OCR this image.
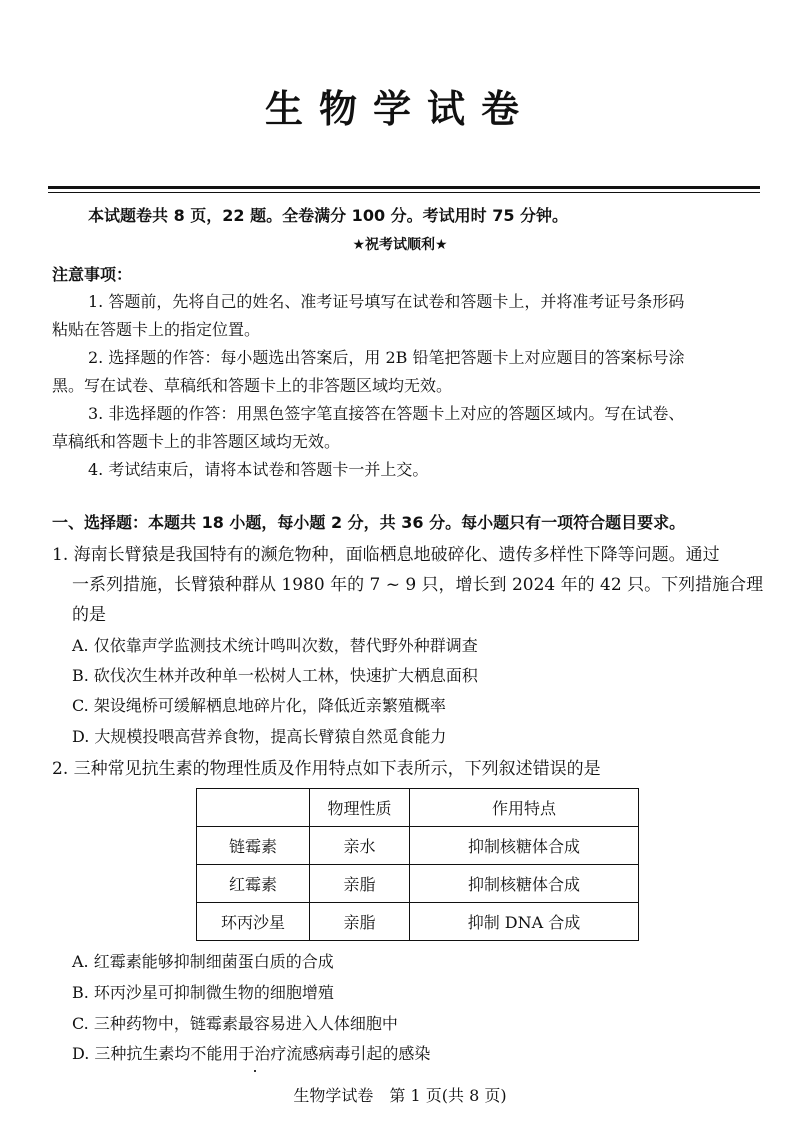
生物学试卷
本试题卷共 8 页，22 题。全卷满分 100 分。考试用时 75 分钟。
★祝考试顺利★
注意事项：
1. 答题前，先将自己的姓名、准考证号填写在试卷和答题卡上，并将准考证号条形码
粘贴在答题卡上的指定位置。
2. 选择题的作答：每小题选出答案后，用 2B 铅笔把答题卡上对应题目的答案标号涂
黑。写在试卷、草稿纸和答题卡上的非答题区域均无效。
3. 非选择题的作答：用黑色签字笔直接答在答题卡上对应的答题区域内。写在试卷、
草稿纸和答题卡上的非答题区域均无效。
4. 考试结束后，请将本试卷和答题卡一并上交。
一、选择题：本题共 18 小题，每小题 2 分，共 36 分。每小题只有一项符合题目要求。
1. 海南长臂猿是我国特有的濒危物种，面临栖息地破碎化、遗传多样性下降等问题。通过
一系列措施，长臂猿种群从 1980 年的 7 ~ 9 只，增长到 2024 年的 42 只。下列措施合理
的是
A. 仅依靠声学监测技术统计鸣叫次数，替代野外种群调查
B. 砍伐次生林并改种单一松树人工林，快速扩大栖息面积
C. 架设绳桥可缓解栖息地碎片化，降低近亲繁殖概率
D. 大规模投喂高营养食物，提高长臂猿自然觅食能力
2. 三种常见抗生素的物理性质及作用特点如下表所示，下列叙述错误的是
	物理性质	作用特点
链霉素	亲水	抑制核糖体合成
红霉素	亲脂	抑制核糖体合成
环丙沙星	亲脂	抑制 DNA 合成
A. 红霉素能够抑制细菌蛋白质的合成
B. 环丙沙星可抑制微生物的细胞增殖
C. 三种药物中，链霉素最容易进入人体细胞中
D. 三种抗生素均不能用于治疗流感病毒引起的感染
生物学试卷　第 1 页(共 8 页)
